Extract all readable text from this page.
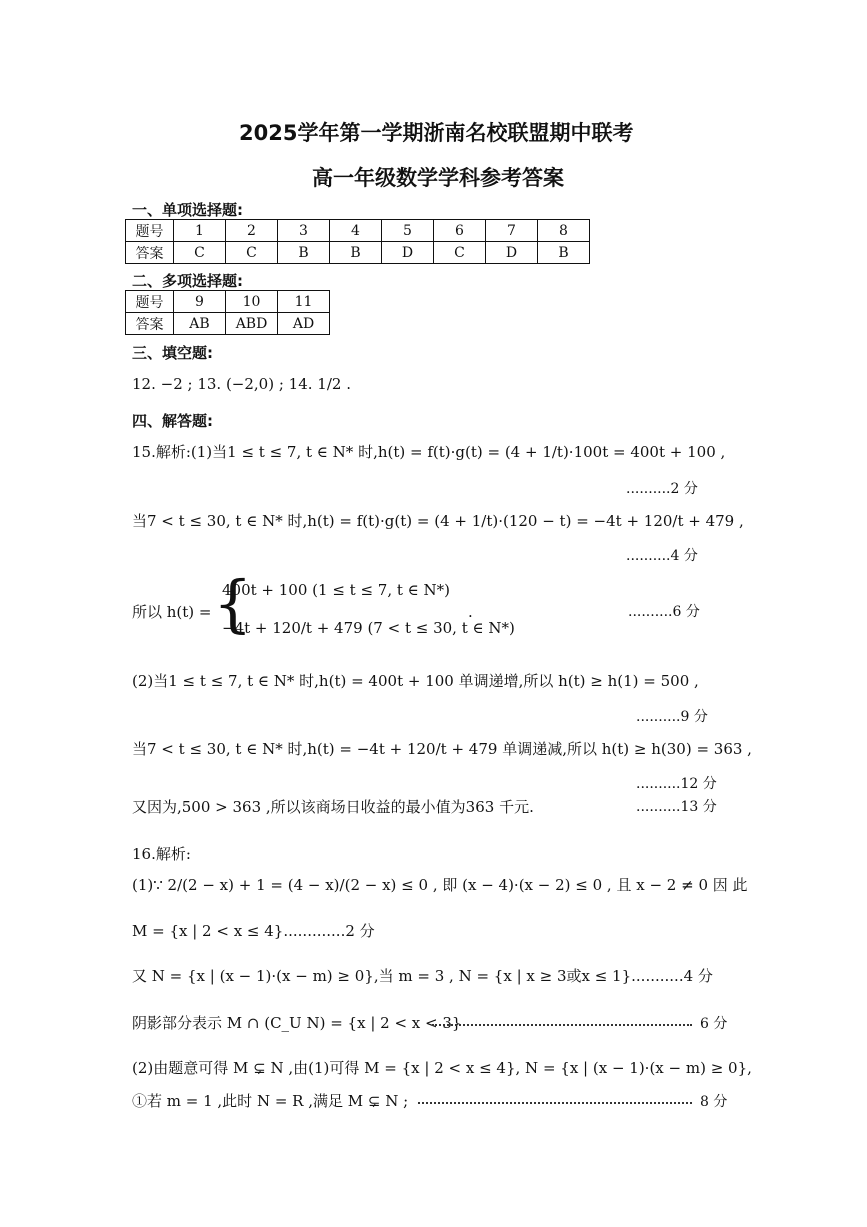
2025学年第一学期浙南名校联盟期中联考
高一年级数学学科参考答案
一、单项选择题:
题号	1	2	3	4	5	6	7	8
答案	C	C	B	B	D	C	D	B
二、多项选择题:
题号	9	10	11
答案	AB	ABD	AD
三、填空题:
12. −2 ; 13. (−2,0) ; 14. 1/2 .
四、解答题:
15.解析:(1)当1 ≤ t ≤ 7, t ∈ N* 时,h(t) = f(t)·g(t) = (4 + 1/t)·100t = 400t + 100 ,
..........2 分
当7 < t ≤ 30, t ∈ N* 时,h(t) = f(t)·g(t) = (4 + 1/t)·(120 − t) = −4t + 120/t + 479 ,
..........4 分
所以 h(t) = {
400t + 100 (1 ≤ t ≤ 7, t ∈ N*)
−4t + 120/t + 479 (7 < t ≤ 30, t ∈ N*)
.	..........6 分
(2)当1 ≤ t ≤ 7, t ∈ N* 时,h(t) = 400t + 100 单调递增,所以 h(t) ≥ h(1) = 500 ,
..........9 分
当7 < t ≤ 30, t ∈ N* 时,h(t) = −4t + 120/t + 479 单调递减,所以 h(t) ≥ h(30) = 363 ,
..........12 分
又因为,500 > 363 ,所以该商场日收益的最小值为363 千元.	..........13 分
16.解析:
(1)∵ 2/(2 − x) + 1 = (4 − x)/(2 − x) ≤ 0 , 即 (x − 4)·(x − 2) ≤ 0 , 且 x − 2 ≠ 0 因 此
M = {x | 2 < x ≤ 4}.............2 分
又 N = {x | (x − 1)·(x − m) ≥ 0},当 m = 3 , N = {x | x ≥ 3或x ≤ 1}...........4 分
阴影部分表示 M ∩ (C_U N) = {x | 2 < x < 3}	6 分
(2)由题意可得 M ⊊ N ,由(1)可得 M = {x | 2 < x ≤ 4}, N = {x | (x − 1)·(x − m) ≥ 0},
①若 m = 1 ,此时 N = R ,满足 M ⊊ N ;	8 分
